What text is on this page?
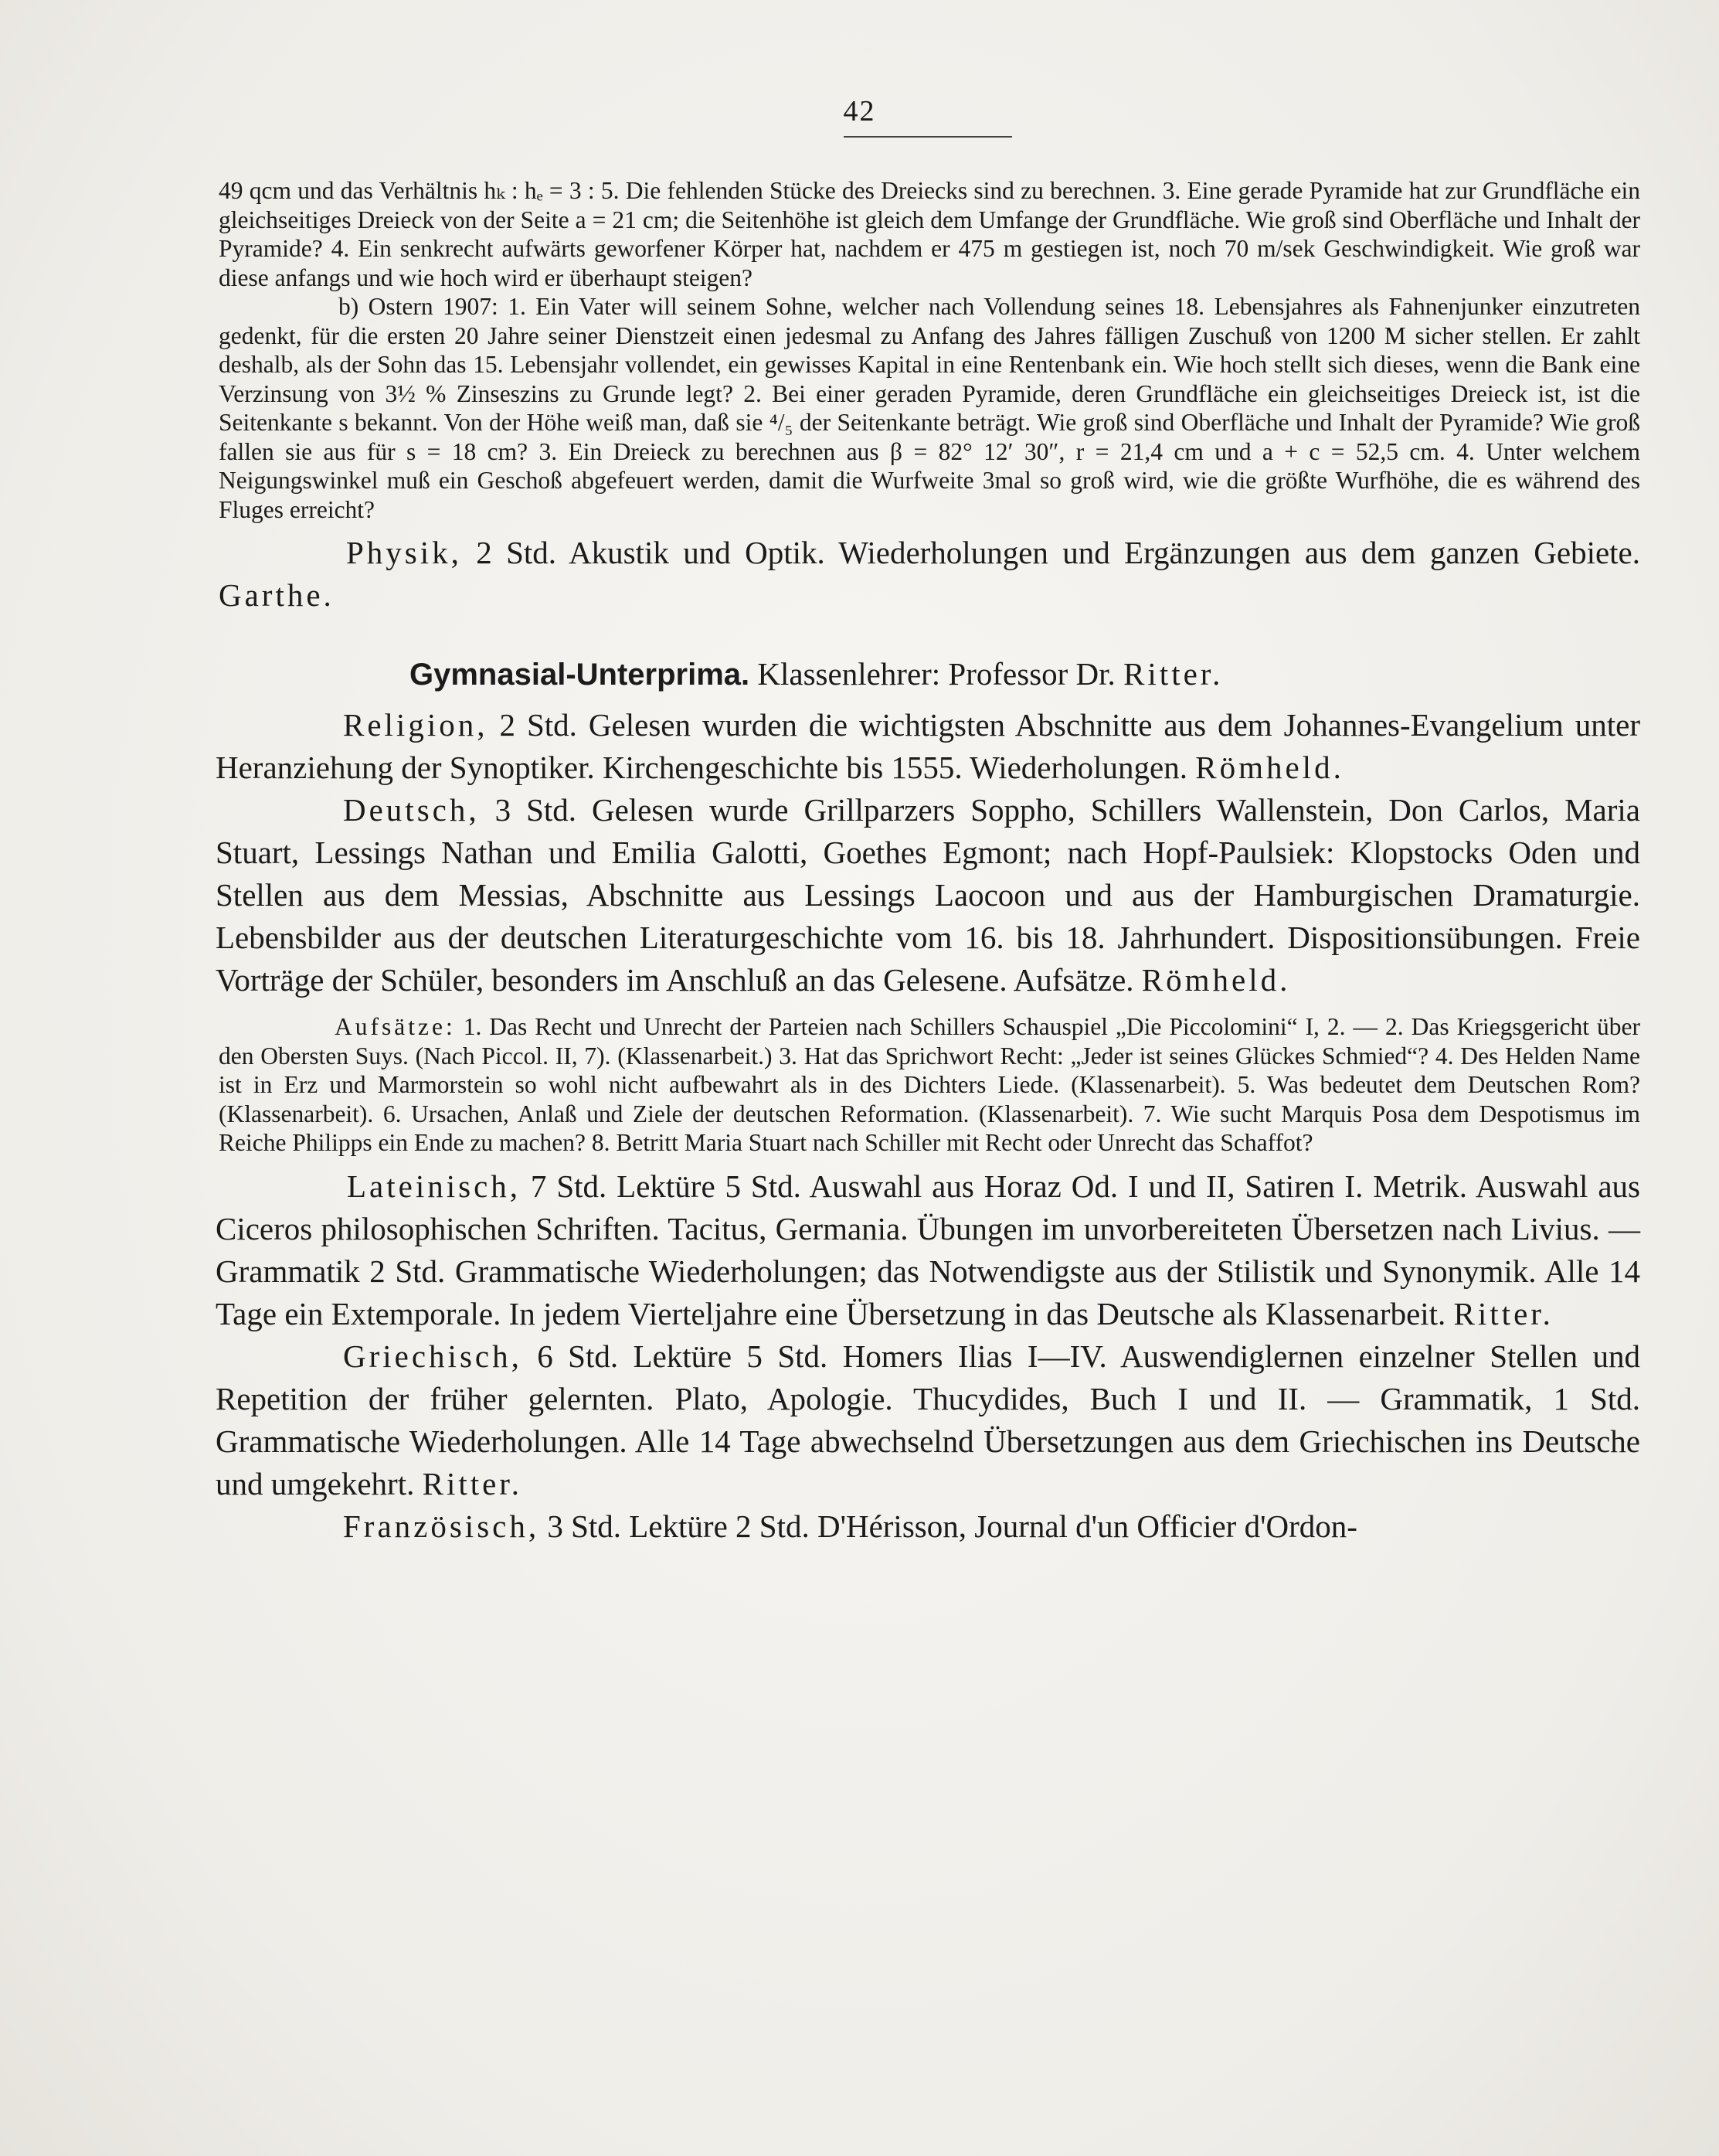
42

49 qcm und das Verhältnis hₖ : hₑ = 3 : 5. Die fehlenden Stücke des Dreiecks sind zu berechnen. 3. Eine gerade Pyramide hat zur Grundfläche ein gleichseitiges Dreieck von der Seite a = 21 cm; die Seitenhöhe ist gleich dem Umfange der Grundfläche. Wie groß sind Oberfläche und Inhalt der Pyramide? 4. Ein senkrecht aufwärts geworfener Körper hat, nachdem er 475 m gestiegen ist, noch 70 m/sek Geschwindigkeit. Wie groß war diese anfangs und wie hoch wird er überhaupt steigen?

b) Ostern 1907: 1. Ein Vater will seinem Sohne, welcher nach Vollendung seines 18. Lebensjahres als Fahnenjunker einzutreten gedenkt, für die ersten 20 Jahre seiner Dienstzeit einen jedesmal zu Anfang des Jahres fälligen Zuschuß von 1200 M sicher stellen. Er zahlt deshalb, als der Sohn das 15. Lebensjahr vollendet, ein gewisses Kapital in eine Rentenbank ein. Wie hoch stellt sich dieses, wenn die Bank eine Verzinsung von 3½ % Zinseszins zu Grunde legt? 2. Bei einer geraden Pyramide, deren Grundfläche ein gleichseitiges Dreieck ist, ist die Seitenkante s bekannt. Von der Höhe weiß man, daß sie ⁴/₅ der Seitenkante beträgt. Wie groß sind Oberfläche und Inhalt der Pyramide? Wie groß fallen sie aus für s = 18 cm? 3. Ein Dreieck zu berechnen aus β = 82° 12′ 30″, r = 21,4 cm und a + c = 52,5 cm. 4. Unter welchem Neigungswinkel muß ein Geschoß abgefeuert werden, damit die Wurfweite 3mal so groß wird, wie die größte Wurfhöhe, die es während des Fluges erreicht?

Physik, 2 Std. Akustik und Optik. Wiederholungen und Ergänzungen aus dem ganzen Gebiete. Garthe.

Gymnasial-Unterprima. Klassenlehrer: Professor Dr. Ritter.

Religion, 2 Std. Gelesen wurden die wichtigsten Abschnitte aus dem Johannes-Evangelium unter Heranziehung der Synoptiker. Kirchengeschichte bis 1555. Wiederholungen. Römheld.

Deutsch, 3 Std. Gelesen wurde Grillparzers Soppho, Schillers Wallenstein, Don Carlos, Maria Stuart, Lessings Nathan und Emilia Galotti, Goethes Egmont; nach Hopf-Paulsiek: Klopstocks Oden und Stellen aus dem Messias, Abschnitte aus Lessings Laocoon und aus der Hamburgischen Dramaturgie. Lebensbilder aus der deutschen Literaturgeschichte vom 16. bis 18. Jahrhundert. Dispositionsübungen. Freie Vorträge der Schüler, besonders im Anschluß an das Gelesene. Aufsätze. Römheld.

Aufsätze: 1. Das Recht und Unrecht der Parteien nach Schillers Schauspiel „Die Piccolomini“ I, 2. — 2. Das Kriegsgericht über den Obersten Suys. (Nach Piccol. II, 7). (Klassenarbeit.) 3. Hat das Sprichwort Recht: „Jeder ist seines Glückes Schmied“? 4. Des Helden Name ist in Erz und Marmorstein so wohl nicht aufbewahrt als in des Dichters Liede. (Klassenarbeit). 5. Was bedeutet dem Deutschen Rom? (Klassenarbeit). 6. Ursachen, Anlaß und Ziele der deutschen Reformation. (Klassenarbeit). 7. Wie sucht Marquis Posa dem Despotismus im Reiche Philipps ein Ende zu machen? 8. Betritt Maria Stuart nach Schiller mit Recht oder Unrecht das Schaffot?

Lateinisch, 7 Std. Lektüre 5 Std. Auswahl aus Horaz Od. I und II, Satiren I. Metrik. Auswahl aus Ciceros philosophischen Schriften. Tacitus, Germania. Übungen im unvorbereiteten Übersetzen nach Livius. — Grammatik 2 Std. Grammatische Wiederholungen; das Notwendigste aus der Stilistik und Synonymik. Alle 14 Tage ein Extemporale. In jedem Vierteljahre eine Übersetzung in das Deutsche als Klassenarbeit. Ritter.

Griechisch, 6 Std. Lektüre 5 Std. Homers Ilias I—IV. Auswendiglernen einzelner Stellen und Repetition der früher gelernten. Plato, Apologie. Thucydides, Buch I und II. — Grammatik, 1 Std. Grammatische Wiederholungen. Alle 14 Tage abwechselnd Übersetzungen aus dem Griechischen ins Deutsche und umgekehrt. Ritter.

Französisch, 3 Std. Lektüre 2 Std. D'Hérisson, Journal d'un Officier d'Ordon-
